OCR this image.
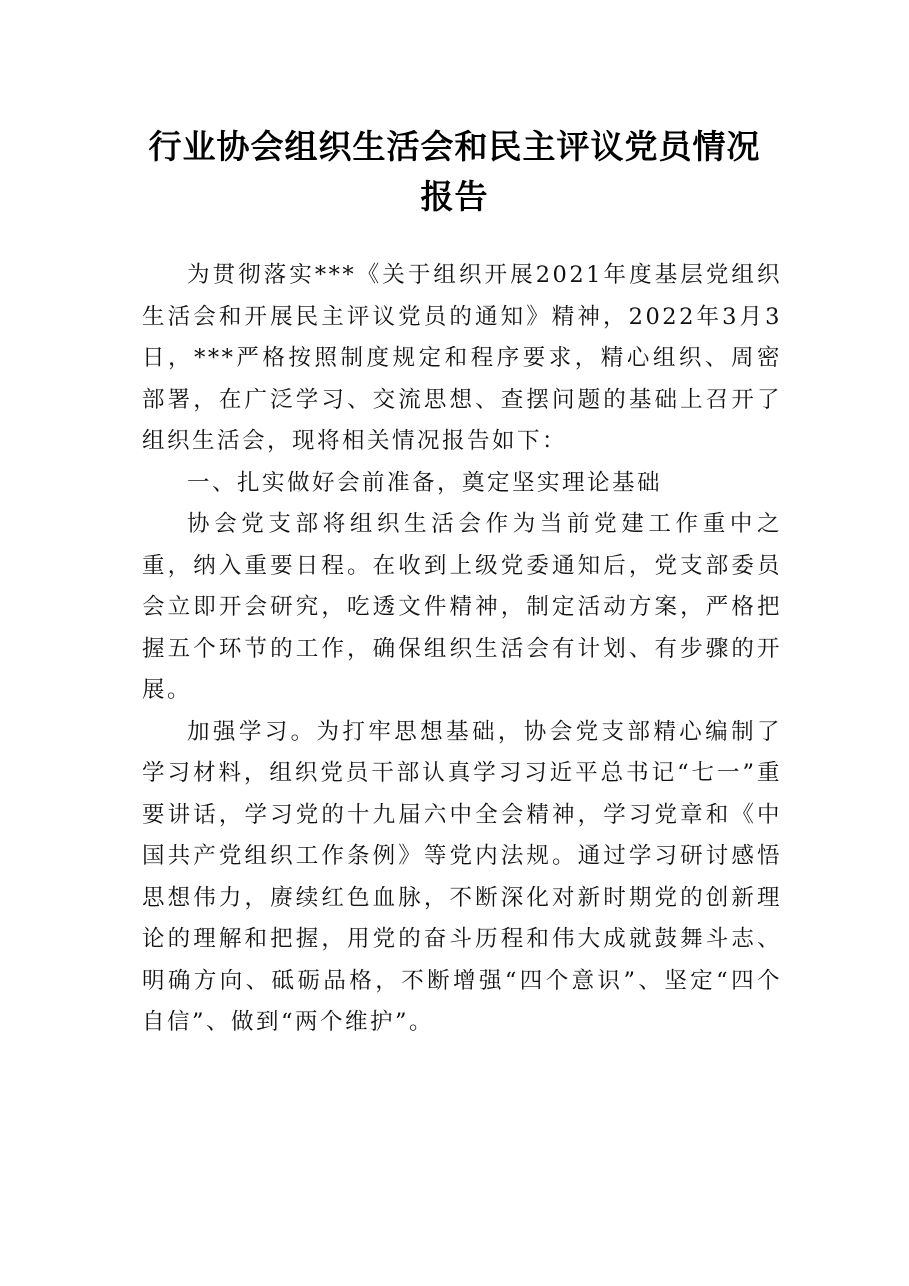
行业协会组织生活会和民主评议党员情况
报告

为贯彻落实***《关于组织开展2021年度基层党组织生活会和开展民主评议党员的通知》精神，2022年3月3日，***严格按照制度规定和程序要求，精心组织、周密部署，在广泛学习、交流思想、查摆问题的基础上召开了组织生活会，现将相关情况报告如下：

一、扎实做好会前准备，奠定坚实理论基础

协会党支部将组织生活会作为当前党建工作重中之重，纳入重要日程。在收到上级党委通知后，党支部委员会立即开会研究，吃透文件精神，制定活动方案，严格把握五个环节的工作，确保组织生活会有计划、有步骤的开展。

加强学习。为打牢思想基础，协会党支部精心编制了学习材料，组织党员干部认真学习习近平总书记“七一”重要讲话，学习党的十九届六中全会精神，学习党章和《中国共产党组织工作条例》等党内法规。通过学习研讨感悟思想伟力，赓续红色血脉，不断深化对新时期党的创新理论的理解和把握，用党的奋斗历程和伟大成就鼓舞斗志、明确方向、砥砺品格，不断增强“四个意识”、坚定“四个自信”、做到“两个维护”。
